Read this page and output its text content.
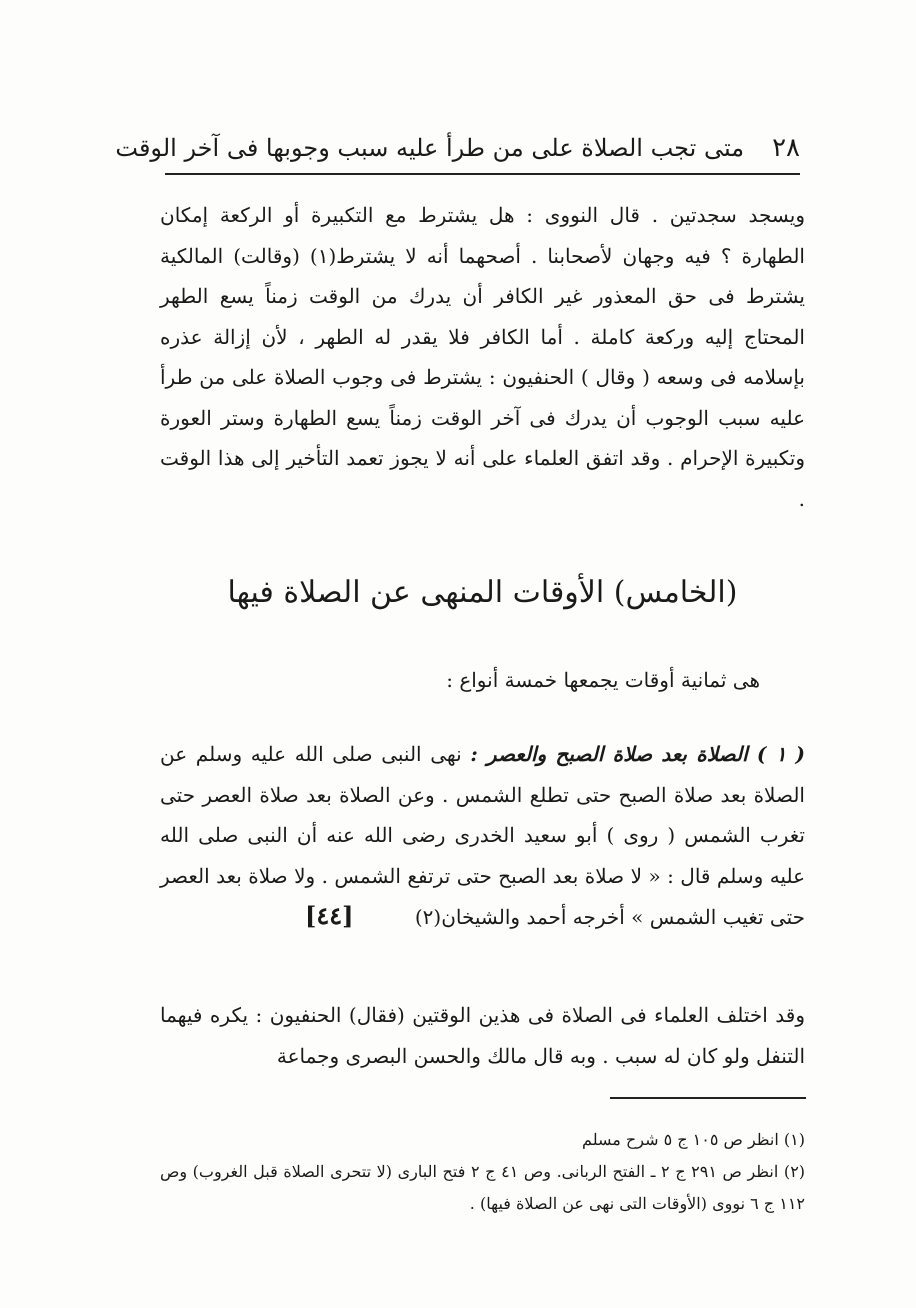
٢٨
متى تجب الصلاة على من طرأ عليه سبب وجوبها فى آخر الوقت

ويسجد سجدتين . قال النووى : هل يشترط مع التكبيرة أو الركعة إمكان الطهارة ؟ فيه وجهان لأصحابنا . أصحهما أنه لا يشترط(١) (وقالت) المالكية يشترط فى حق المعذور غير الكافر أن يدرك من الوقت زمناً يسع الطهر المحتاج إليه وركعة كاملة . أما الكافر فلا يقدر له الطهر ، لأن إزالة عذره بإسلامه فى وسعه ( وقال ) الحنفيون : يشترط فى وجوب الصلاة على من طرأ عليه سبب الوجوب أن يدرك فى آخر الوقت زمناً يسع الطهارة وستر العورة وتكبيرة الإحرام . وقد اتفق العلماء على أنه لا يجوز تعمد التأخير إلى هذا الوقت .

(الخامس) الأوقات المنهى عن الصلاة فيها

هى ثمانية أوقات يجمعها خمسة أنواع :

( ١ ) الصلاة بعد صلاة الصبح والعصر : نهى النبى صلى الله عليه وسلم عن الصلاة بعد صلاة الصبح حتى تطلع الشمس . وعن الصلاة بعد صلاة العصر حتى تغرب الشمس ( روى ) أبو سعيد الخدرى رضى الله عنه أن النبى صلى الله عليه وسلم قال : « لا صلاة بعد الصبح حتى ترتفع الشمس . ولا صلاة بعد العصر حتى تغيب الشمس » أخرجه أحمد والشيخان(٢) [٤٤]

وقد اختلف العلماء فى الصلاة فى هذين الوقتين (فقال) الحنفيون : يكره فيهما التنفل ولو كان له سبب . وبه قال مالك والحسن البصرى وجماعة

(١) انظر ص ١٠٥ ج ٥ شرح مسلم

(٢) انظر ص ٢٩١ ج ٢ ـ الفتح الربانى. وص ٤١ ج ٢ فتح البارى (لا تتحرى الصلاة قبل الغروب) وص ١١٢ ج ٦ نووى (الأوقات التى نهى عن الصلاة فيها) .
